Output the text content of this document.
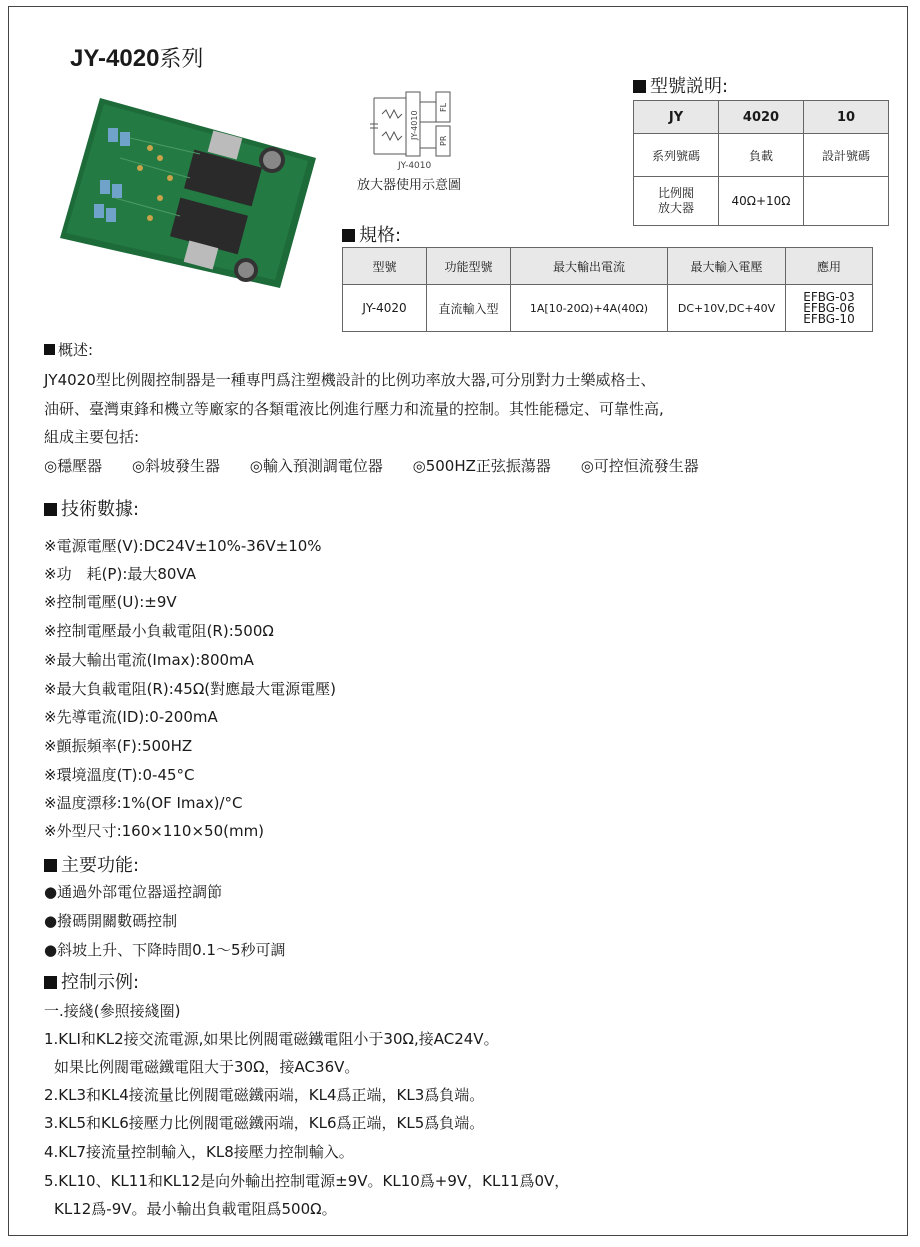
JY-4020系列
JY-4010
FL
PR
JY-4010
放大器使用示意圖
型號説明:
JY	4020	10
系列號碼	負載	設計號碼
比例閥
放大器	40Ω+10Ω	
規格:
型號	功能型號	最大輸出電流	最大輸入電壓	應用
JY-4020	直流輸入型	1A[10-20Ω)+4A(40Ω)	DC+10V,DC+40V	EFBG-03
EFBG-06
EFBG-10
概述:
JY4020型比例閥控制器是一種専門爲注塑機設計的比例功率放大器,可分別對力士樂威格士、
油研、臺灣東鋒和機立等廠家的各類電液比例進行壓力和流量的控制。其性能穩定、可靠性高,
組成主要包括:
◎穩壓器 ◎斜坡發生器 ◎輸入預測調電位器 ◎500HZ正弦振蕩器 ◎可控恒流發生器
技術數據:
※電源電壓(V):DC24V±10%-36V±10%
※功　耗(P):最大80VA
※控制電壓(U):±9V
※控制電壓最小負載電阻(R):500Ω
※最大輸出電流(Imax):800mA
※最大負載電阻(R):45Ω(對應最大電源電壓)
※先導電流(ID):0-200mA
※顫振頻率(F):500HZ
※環境溫度(T):0-45°C
※温度漂移:1%(OF Imax)/°C
※外型尺寸:160×110×50(mm)
主要功能:
●通過外部電位器遥控調節
●撥碼開關數碼控制
●斜坡上升、下降時間0.1～5秒可調
控制示例:
一.接綫(參照接綫圈)
1.KLI和KL2接交流電源,如果比例閥電磁鐵電阻小于30Ω,接AC24V。
如果比例閥電磁鐵電阻大于30Ω，接AC36V。
2.KL3和KL4接流量比例閥電磁鐵兩端，KL4爲正端，KL3爲負端。
3.KL5和KL6接壓力比例閥電磁鐵兩端，KL6爲正端，KL5爲負端。
4.KL7接流量控制輸入，KL8接壓力控制輸入。
5.KL10、KL11和KL12是向外輸出控制電源±9V。KL10爲+9V，KL11爲0V，
KL12爲-9V。最小輸出負載電阻爲500Ω。
